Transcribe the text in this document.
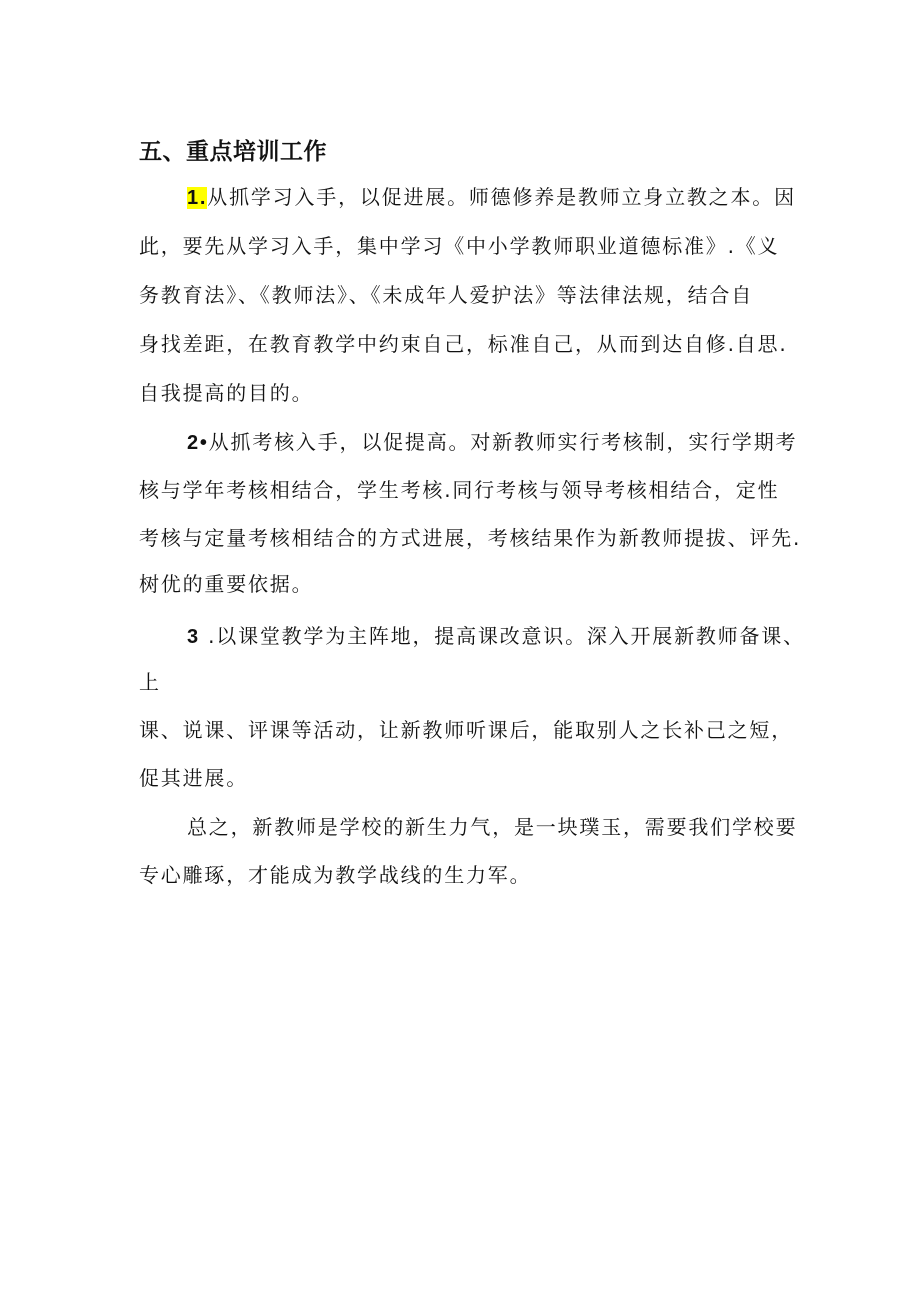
五、重点培训工作
1.从抓学习入手，以促进展。师德修养是教师立身立教之本。因
此，要先从学习入手，集中学习《中小学教师职业道德标准》.《义
务教育法》、《教师法》、《未成年人爱护法》等法律法规，结合自
身找差距，在教育教学中约束自己，标准自己，从而到达自修.自思.
自我提高的目的。
2•从抓考核入手，以促提高。对新教师实行考核制，实行学期考
核与学年考核相结合，学生考核.同行考核与领导考核相结合，定性
考核与定量考核相结合的方式进展，考核结果作为新教师提拔、评先.
树优的重要依据。
3 .以课堂教学为主阵地，提高课改意识。深入开展新教师备课、
上
课、说课、评课等活动，让新教师听课后，能取别人之长补己之短，
促其进展。
总之，新教师是学校的新生力气，是一块璞玉，需要我们学校要
专心雕琢，才能成为教学战线的生力军。
